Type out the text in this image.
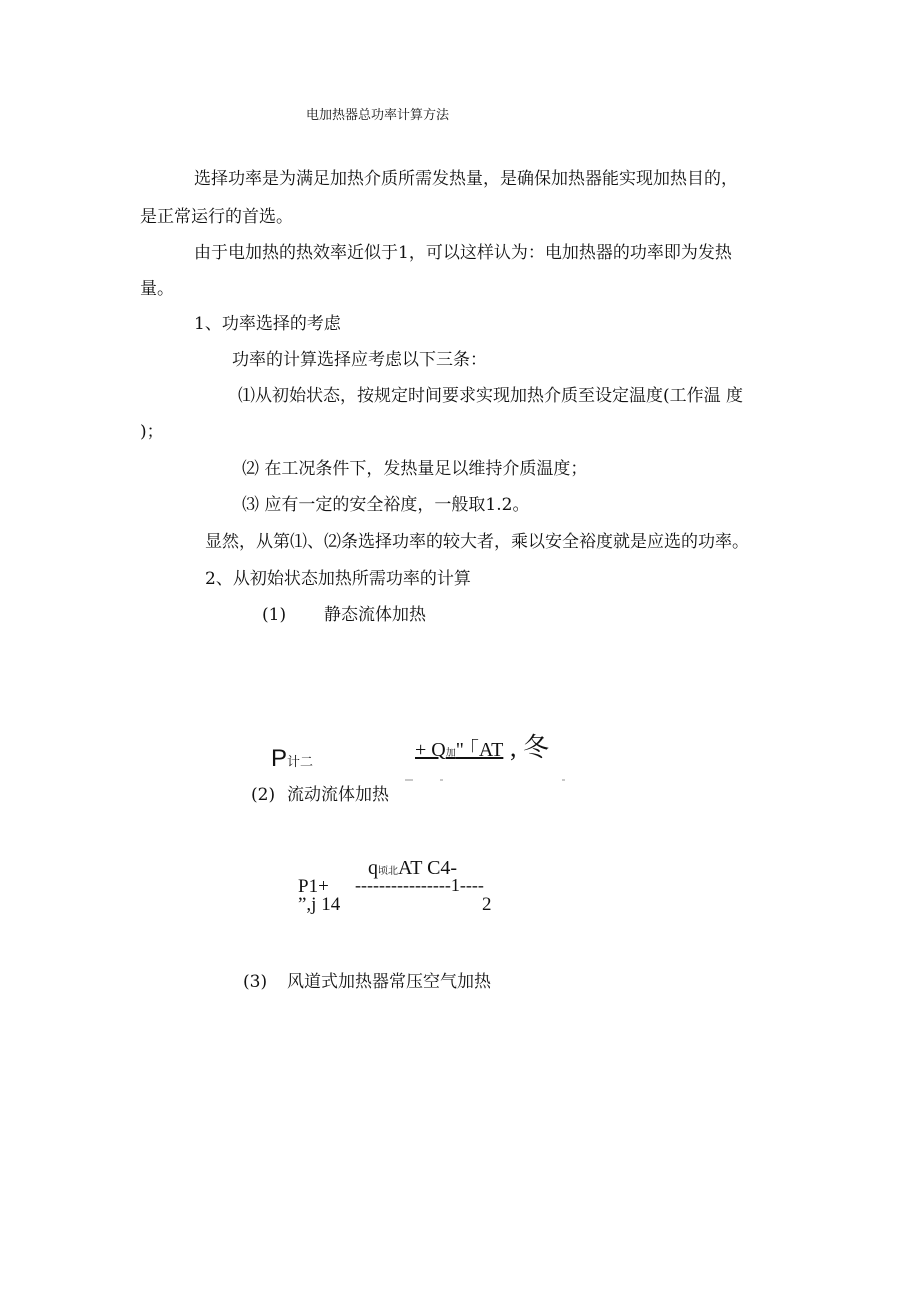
电加热器总功率计算方法
选择功率是为满足加热介质所需发热量，是确保加热器能实现加热目的，
是正常运行的首选。
由于电加热的热效率近似于1，可以这样认为：电加热器的功率即为发热
量。
1、功率选择的考虑
功率的计算选择应考虑以下三条：
⑴从初始状态，按规定时间要求实现加热介质至设定温度(工作温 度
)；
⑵ 在工况条件下，发热量足以维持介质温度；
⑶ 应有一定的安全裕度，一般取1.2。
显然，从第⑴、⑵条选择功率的较大者，乘以安全裕度就是应选的功率。
2、从初始状态加热所需功率的计算
(1) 静态流体加热
P计二
+ Q加" ｢AT , 冬
(2) 流动流体加热
q顷北AT C4-
P1+ ----------------1----
”,j 14	2
(3) 风道式加热器常压空气加热
